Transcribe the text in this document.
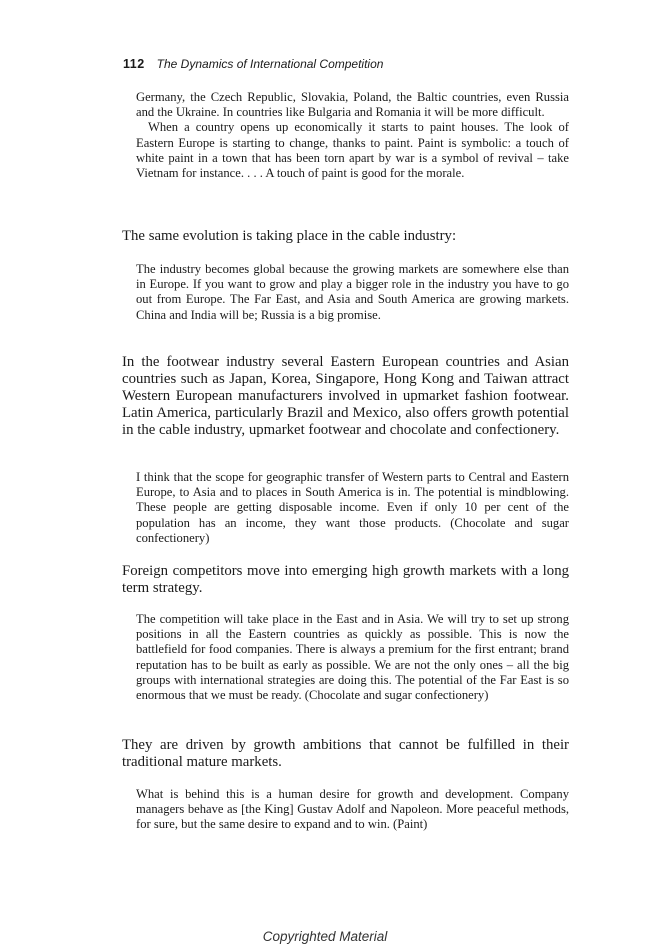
112 The Dynamics of International Competition

Germany, the Czech Republic, Slovakia, Poland, the Baltic countries, even Russia and the Ukraine. In countries like Bulgaria and Romania it will be more difficult.

When a country opens up economically it starts to paint houses. The look of Eastern Europe is starting to change, thanks to paint. Paint is symbolic: a touch of white paint in a town that has been torn apart by war is a symbol of revival – take Vietnam for instance. . . . A touch of paint is good for the morale.

The same evolution is taking place in the cable industry:

The industry becomes global because the growing markets are somewhere else than in Europe. If you want to grow and play a bigger role in the industry you have to go out from Europe. The Far East, and Asia and South America are growing markets. China and India will be; Russia is a big promise.

In the footwear industry several Eastern European countries and Asian countries such as Japan, Korea, Singapore, Hong Kong and Taiwan attract Western European manufacturers involved in upmarket fashion footwear. Latin America, particularly Brazil and Mexico, also offers growth potential in the cable industry, upmarket footwear and chocolate and confectionery.

I think that the scope for geographic transfer of Western parts to Central and Eastern Europe, to Asia and to places in South America is in. The potential is mindblowing. These people are getting disposable income. Even if only 10 per cent of the population has an income, they want those products. (Chocolate and sugar confectionery)

Foreign competitors move into emerging high growth markets with a long term strategy.

The competition will take place in the East and in Asia. We will try to set up strong positions in all the Eastern countries as quickly as possible. This is now the battlefield for food companies. There is always a premium for the first entrant; brand reputation has to be built as early as possible. We are not the only ones – all the big groups with international strategies are doing this. The potential of the Far East is so enormous that we must be ready. (Chocolate and sugar confectionery)

They are driven by growth ambitions that cannot be fulfilled in their traditional mature markets.

What is behind this is a human desire for growth and development. Company managers behave as [the King] Gustav Adolf and Napoleon. More peaceful methods, for sure, but the same desire to expand and to win. (Paint)

Copyrighted Material
